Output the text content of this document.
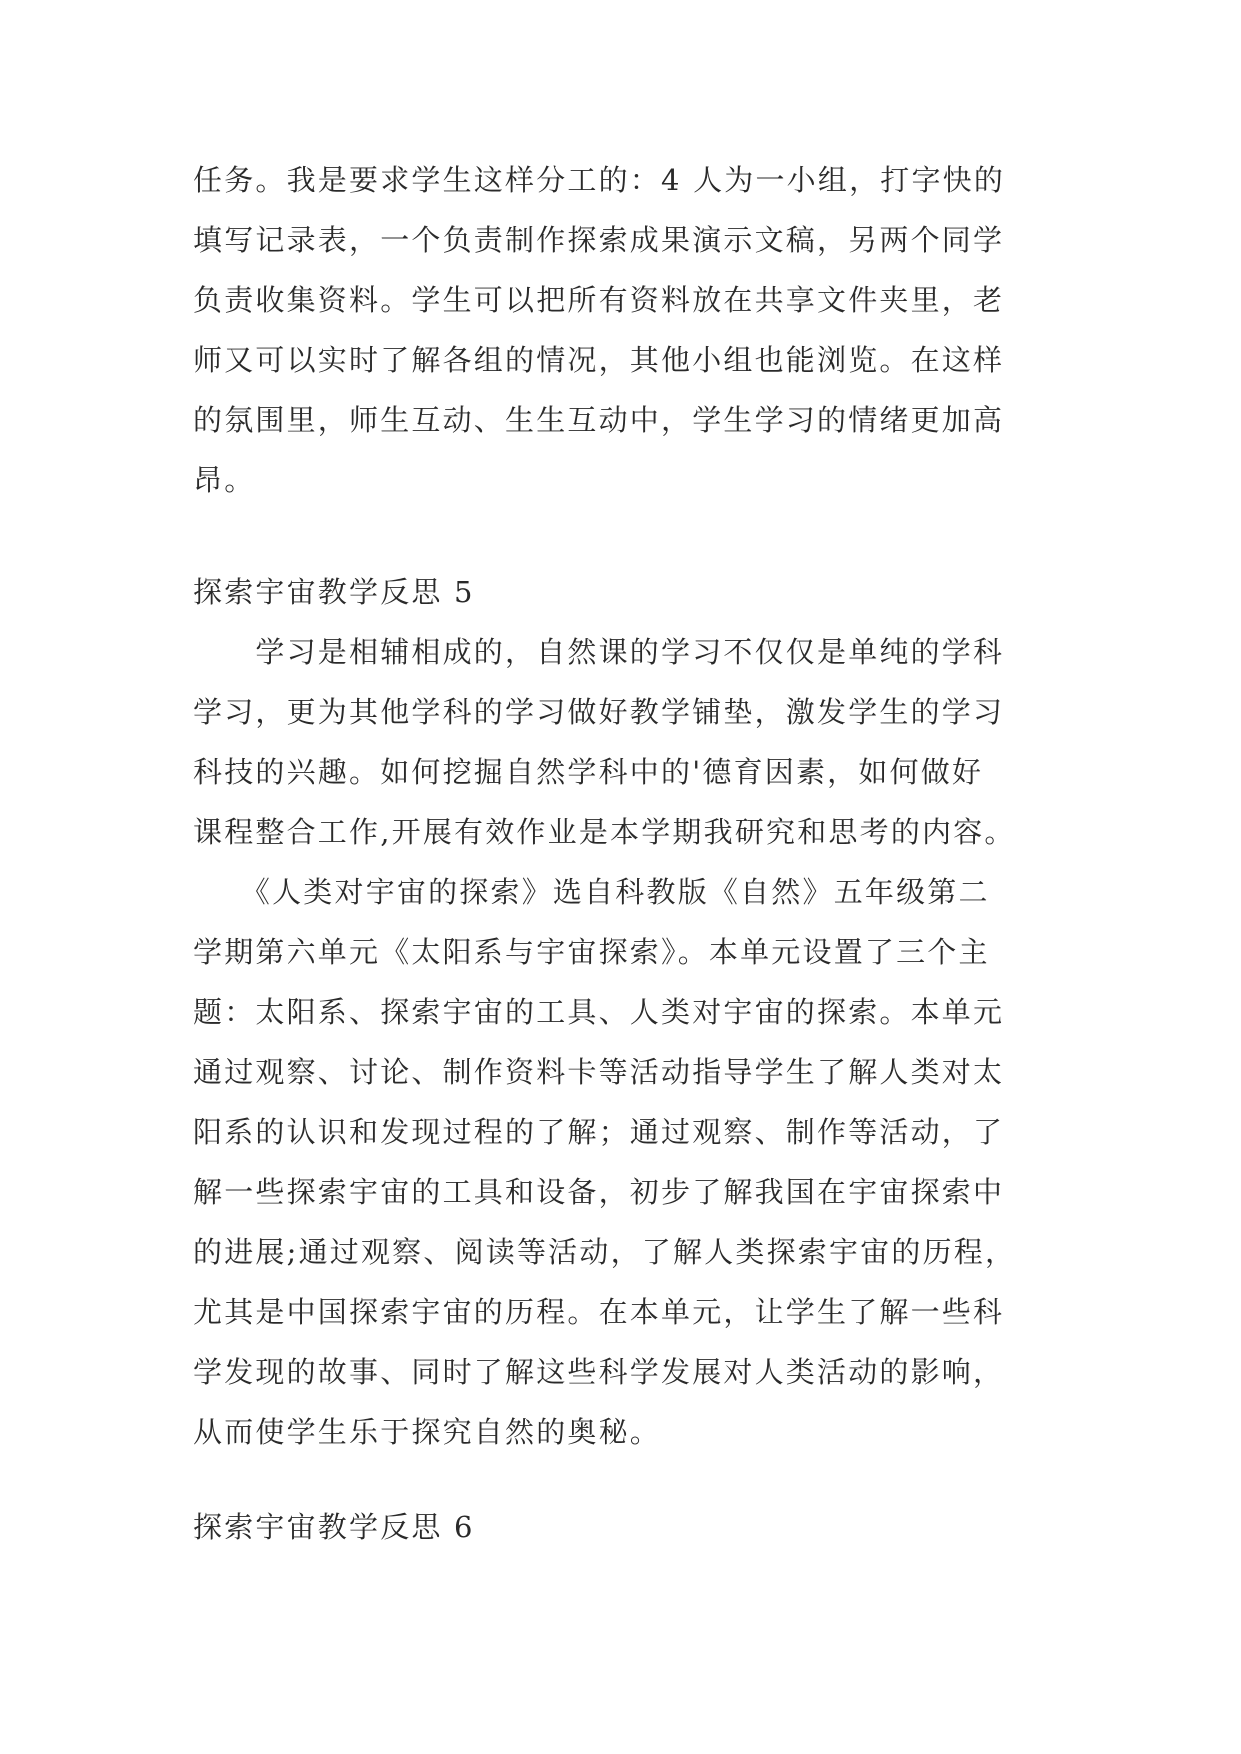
任务。我是要求学生这样分工的：4 人为一小组，打字快的
填写记录表，一个负责制作探索成果演示文稿，另两个同学
负责收集资料。学生可以把所有资料放在共享文件夹里，老
师又可以实时了解各组的情况，其他小组也能浏览。在这样
的氛围里，师生互动、生生互动中，学生学习的情绪更加高
昂。
探索宇宙教学反思 5
　　学习是相辅相成的，自然课的学习不仅仅是单纯的学科
学习，更为其他学科的学习做好教学铺垫，激发学生的学习
科技的兴趣。如何挖掘自然学科中的'德育因素，如何做好
课程整合工作,开展有效作业是本学期我研究和思考的内容。
　　《人类对宇宙的探索》选自科教版《自然》五年级第二
学期第六单元《太阳系与宇宙探索》。本单元设置了三个主
题：太阳系、探索宇宙的工具、人类对宇宙的探索。本单元
通过观察、讨论、制作资料卡等活动指导学生了解人类对太
阳系的认识和发现过程的了解；通过观察、制作等活动，了
解一些探索宇宙的工具和设备，初步了解我国在宇宙探索中
的进展;通过观察、阅读等活动，了解人类探索宇宙的历程，
尤其是中国探索宇宙的历程。在本单元，让学生了解一些科
学发现的故事、同时了解这些科学发展对人类活动的影响，
从而使学生乐于探究自然的奥秘。
探索宇宙教学反思 6
